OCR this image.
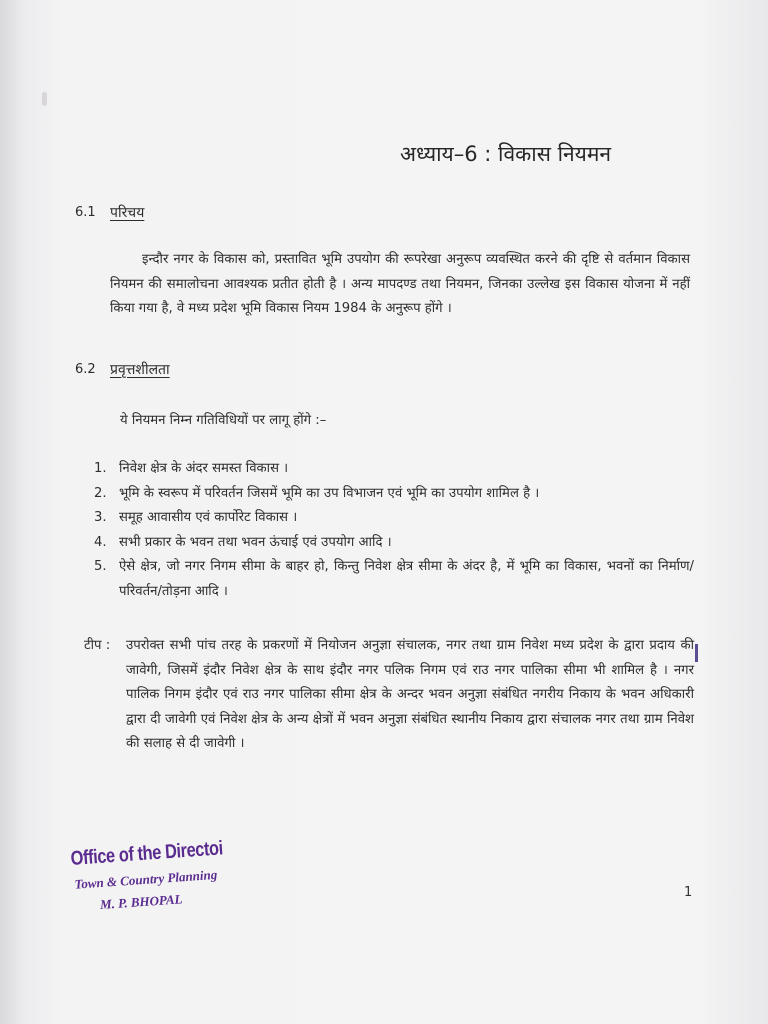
अध्याय–6 : विकास नियमन
6.1 परिचय

इन्दौर नगर के विकास को, प्रस्तावित भूमि उपयोग की रूपरेखा अनुरूप व्यवस्थित करने की दृष्टि से वर्तमान विकास नियमन की समालोचना आवश्यक प्रतीत होती है । अन्य मापदण्ड तथा नियमन, जिनका उल्लेख इस विकास योजना में नहीं किया गया है, वे मध्य प्रदेश भूमि विकास नियम 1984 के अनुरूप होंगे ।

6.2 प्रवृत्तशीलता
ये नियमन निम्न गतिविधियों पर लागू होंगे :–
1. निवेश क्षेत्र के अंदर समस्त विकास ।
2. भूमि के स्वरूप में परिवर्तन जिसमें भूमि का उप विभाजन एवं भूमि का उपयोग शामिल है ।
3. समूह आवासीय एवं कार्पोरेट विकास ।
4. सभी प्रकार के भवन तथा भवन ऊंचाई एवं उपयोग आदि ।
5. ऐसे क्षेत्र, जो नगर निगम सीमा के बाहर हो, किन्तु निवेश क्षेत्र सीमा के अंदर है, में भूमि का विकास, भवनों का निर्माण/परिवर्तन/तोड़ना आदि ।
टीप : उपरोक्त सभी पांच तरह के प्रकरणों में नियोजन अनुज्ञा संचालक, नगर तथा ग्राम निवेश मध्य प्रदेश के द्वारा प्रदाय की जावेगी, जिसमें इंदौर निवेश क्षेत्र के साथ इंदौर नगर पलिक निगम एवं राउ नगर पालिका सीमा भी शामिल है । नगर पालिक निगम इंदौर एवं राउ नगर पालिका सीमा क्षेत्र के अन्दर भवन अनुज्ञा संबंधित नगरीय निकाय के भवन अधिकारी द्वारा दी जावेगी एवं निवेश क्षेत्र के अन्य क्षेत्रों में भवन अनुज्ञा संबंधित स्थानीय निकाय द्वारा संचालक नगर तथा ग्राम निवेश की सलाह से दी जावेगी ।

Office of the Directoi
Town & Country Planning
M. P. BHOPAL	1
